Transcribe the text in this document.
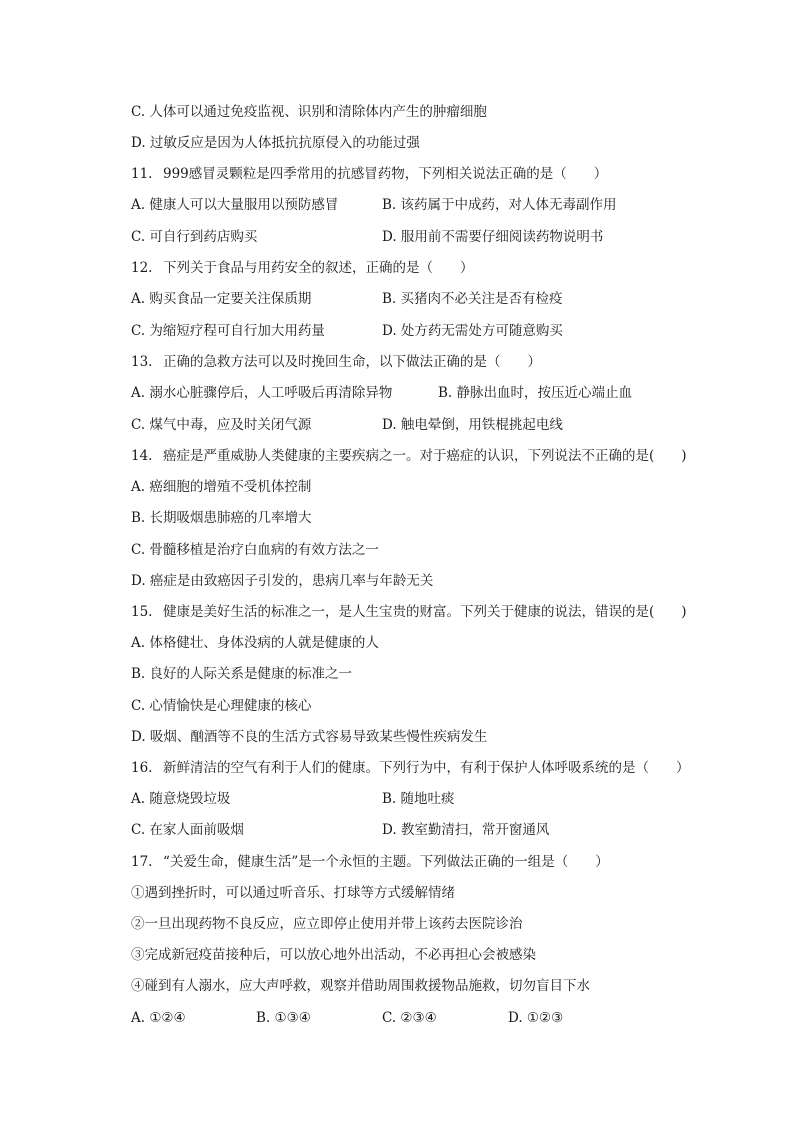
C. 人体可以通过免疫监视、识别和清除体内产生的肿瘤细胞
D. 过敏反应是因为人体抵抗抗原侵入的功能过强
11. 999感冒灵颗粒是四季常用的抗感冒药物，下列相关说法正确的是（　　）
A. 健康人可以大量服用以预防感冒	B. 该药属于中成药，对人体无毒副作用
C. 可自行到药店购买	D. 服用前不需要仔细阅读药物说明书
12. 下列关于食品与用药安全的叙述，正确的是（　　）
A. 购买食品一定要关注保质期	B. 买猪肉不必关注是否有检疫
C. 为缩短疗程可自行加大用药量	D. 处方药无需处方可随意购买
13. 正确的急救方法可以及时挽回生命，以下做法正确的是（　　）
A. 溺水心脏骤停后，人工呼吸后再清除异物	B. 静脉出血时，按压近心端止血
C. 煤气中毒，应及时关闭气源	D. 触电晕倒，用铁棍挑起电线
14. 癌症是严重威胁人类健康的主要疾病之一。对于癌症的认识，下列说法不正确的是(　　)
A. 癌细胞的增殖不受机体控制
B. 长期吸烟患肺癌的几率增大
C. 骨髓移植是治疗白血病的有效方法之一
D. 癌症是由致癌因子引发的，患病几率与年龄无关
15. 健康是美好生活的标准之一，是人生宝贵的财富。下列关于健康的说法，错误的是(　　)
A. 体格健壮、身体没病的人就是健康的人
B. 良好的人际关系是健康的标准之一
C. 心情愉快是心理健康的核心
D. 吸烟、酗酒等不良的生活方式容易导致某些慢性疾病发生
16. 新鲜清洁的空气有利于人们的健康。下列行为中，有利于保护人体呼吸系统的是（　　）
A. 随意烧毁垃圾	B. 随地吐痰
C. 在家人面前吸烟	D. 教室勤清扫，常开窗通风
17. “关爱生命，健康生活”是一个永恒的主题。下列做法正确的一组是（　　）
①遇到挫折时，可以通过听音乐、打球等方式缓解情绪
②一旦出现药物不良反应，应立即停止使用并带上该药去医院诊治
③完成新冠疫苗接种后，可以放心地外出活动，不必再担心会被感染
④碰到有人溺水，应大声呼救，观察并借助周围救援物品施救，切勿盲目下水
A. ①②④	B. ①③④	C. ②③④	D. ①②③
